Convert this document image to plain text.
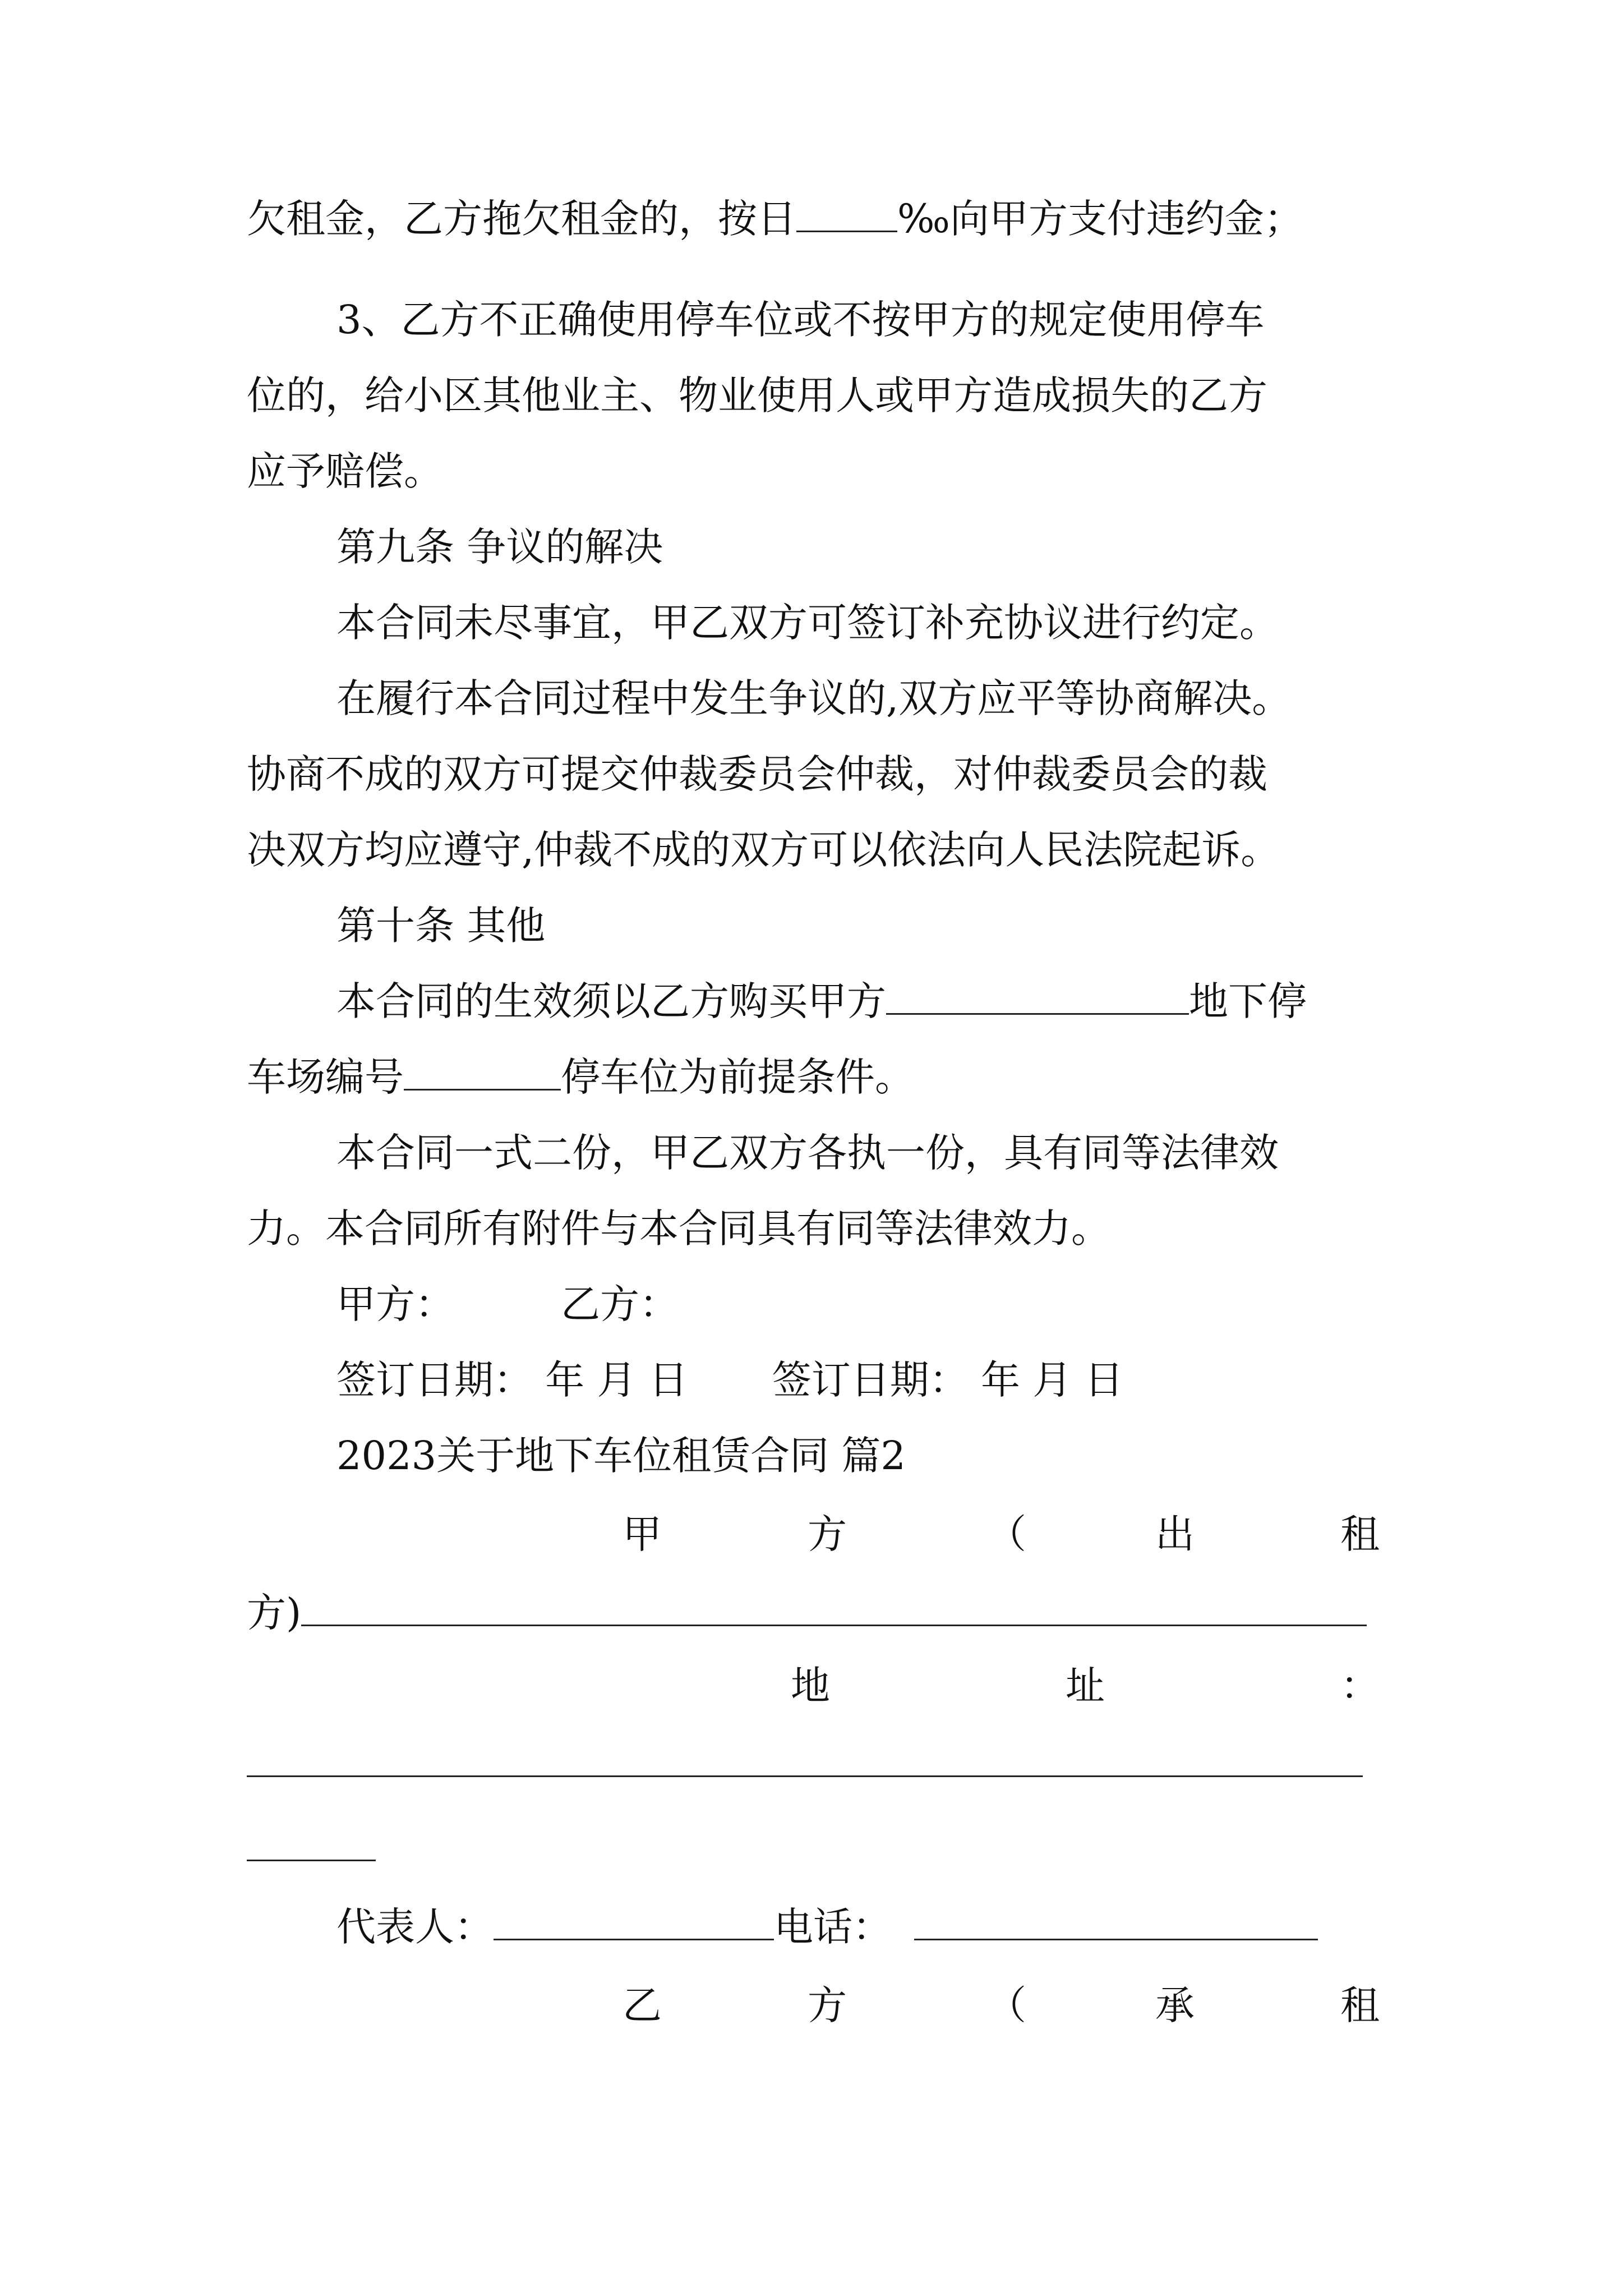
欠租金，乙方拖欠租金的，按日	‰向甲方支付违约金；
3、乙方不正确使用停车位或不按甲方的规定使用停车
位的，给小区其他业主、物业使用人或甲方造成损失的乙方
应予赔偿。
第九条 争议的解决
本合同未尽事宜，甲乙双方可签订补充协议进行约定。
在履行本合同过程中发生争议的,双方应平等协商解决。
协商不成的双方可提交仲裁委员会仲裁，对仲裁委员会的裁
决双方均应遵守,仲裁不成的双方可以依法向人民法院起诉。
第十条 其他
本合同的生效须以乙方购买甲方	地下停
车场编号	停车位为前提条件。
本合同一式二份，甲乙双方各执一份，具有同等法律效
力。本合同所有附件与本合同具有同等法律效力。
甲方：	乙方：
签订日期： 年 月 日 签订日期： 年 月 日
2023关于地下车位租赁合同 篇2
甲	方	（	出	租
方)
地	址	：
代表人：	电话：
乙	方	（	承	租
